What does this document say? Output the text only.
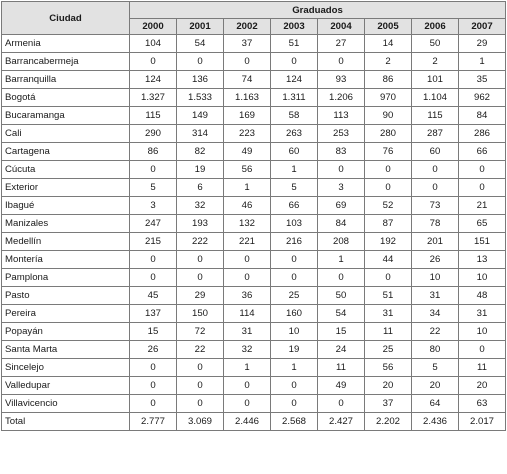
Ciudad	Graduados							
	2000	2001	2002	2003	2004	2005	2006	2007
Armenia	104	54	37	51	27	14	50	29
Barrancabermeja	0	0	0	0	0	2	2	1
Barranquilla	124	136	74	124	93	86	101	35
Bogotá	1.327	1.533	1.163	1.311	1.206	970	1.104	962
Bucaramanga	115	149	169	58	113	90	115	84
Cali	290	314	223	263	253	280	287	286
Cartagena	86	82	49	60	83	76	60	66
Cúcuta	0	19	56	1	0	0	0	0
Exterior	5	6	1	5	3	0	0	0
Ibagué	3	32	46	66	69	52	73	21
Manizales	247	193	132	103	84	87	78	65
Medellín	215	222	221	216	208	192	201	151
Montería	0	0	0	0	1	44	26	13
Pamplona	0	0	0	0	0	0	10	10
Pasto	45	29	36	25	50	51	31	48
Pereira	137	150	114	160	54	31	34	31
Popayán	15	72	31	10	15	11	22	10
Santa Marta	26	22	32	19	24	25	80	0
Sincelejo	0	0	1	1	11	56	5	11
Valledupar	0	0	0	0	49	20	20	20
Villavicencio	0	0	0	0	0	37	64	63
Total	2.777	3.069	2.446	2.568	2.427	2.202	2.436	2.017
